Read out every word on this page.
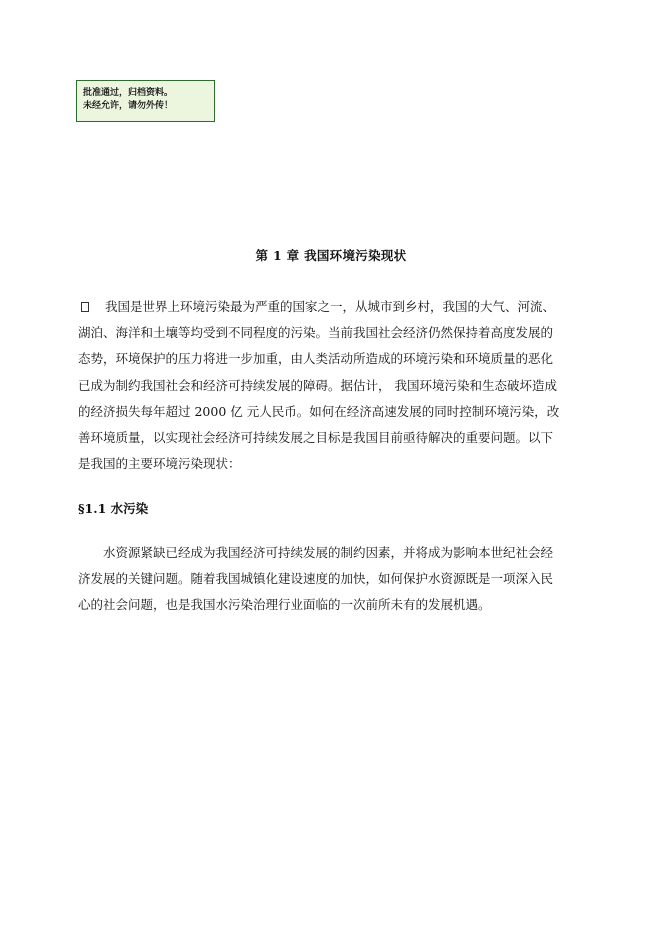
批准通过，归档资料。
未经允许，请勿外传！
第 1 章 我国环境污染现状
我国是世界上环境污染最为严重的国家之一，从城市到乡村，我国的大气、河流、
湖泊、海洋和土壤等均受到不同程度的污染。当前我国社会经济仍然保持着高度发展的
态势，环境保护的压力将进一步加重，由人类活动所造成的环境污染和环境质量的恶化
已成为制约我国社会和经济可持续发展的障碍。据估计， 我国环境污染和生态破坏造成
的经济损失每年超过 2000 亿 元人民币。如何在经济高速发展的同时控制环境污染，改
善环境质量，以实现社会经济可持续发展之目标是我国目前亟待解决的重要问题。以下
是我国的主要环境污染现状：
§1.1 水污染
水资源紧缺已经成为我国经济可持续发展的制约因素，并将成为影响本世纪社会经
济发展的关键问题。随着我国城镇化建设速度的加快，如何保护水资源既是一项深入民
心的社会问题，也是我国水污染治理行业面临的一次前所未有的发展机遇。
